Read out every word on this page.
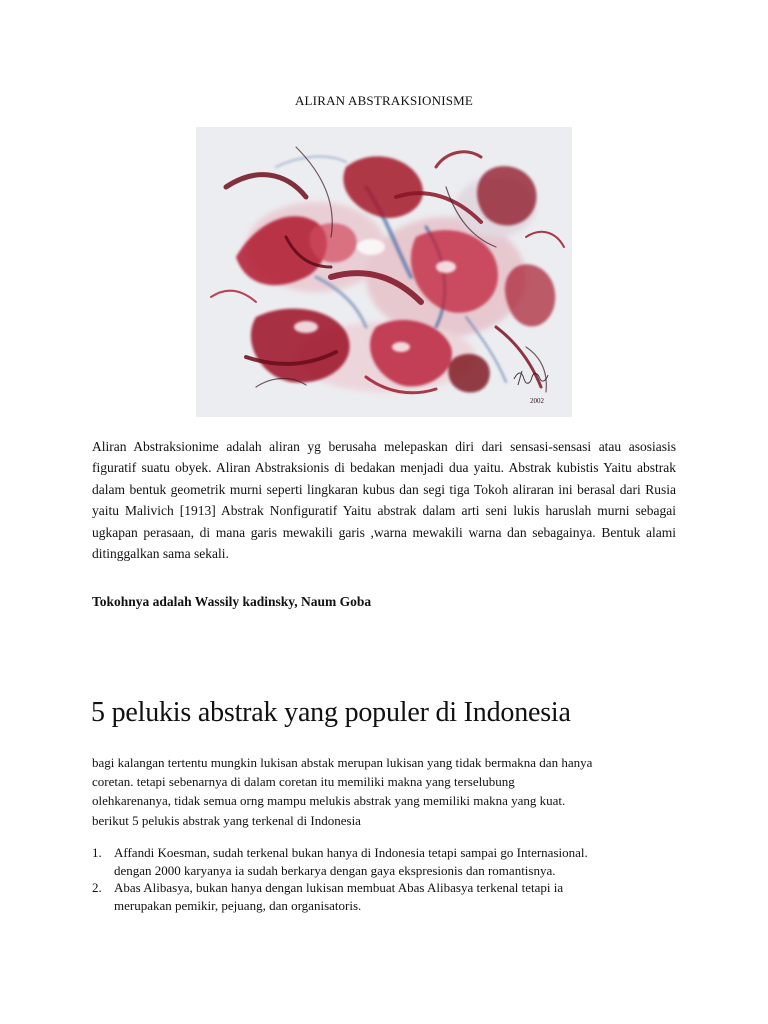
ALIRAN ABSTRAKSIONISME
2002

Aliran Abstraksionime adalah aliran yg berusaha melepaskan diri dari sensasi-sensasi atau asosiasis figuratif suatu obyek. Aliran Abstraksionis di bedakan menjadi dua yaitu. Abstrak kubistis Yaitu abstrak dalam bentuk geometrik murni seperti lingkaran kubus dan segi tiga Tokoh aliraran ini berasal dari Rusia yaitu Malivich [1913] Abstrak Nonfiguratif Yaitu abstrak dalam arti seni lukis haruslah murni sebagai ugkapan perasaan, di mana garis mewakili garis ,warna mewakili warna dan sebagainya. Bentuk alami ditinggalkan sama sekali.

Tokohnya adalah Wassily kadinsky, Naum Goba

5 pelukis abstrak yang populer di Indonesia

bagi kalangan tertentu mungkin lukisan abstak merupan lukisan yang tidak bermakna dan hanya
coretan. tetapi sebenarnya di dalam coretan itu memiliki makna yang terselubung
olehkarenanya, tidak semua orng mampu melukis abstrak yang memiliki makna yang kuat.
berikut 5 pelukis abstrak yang terkenal di Indonesia

1. Affandi Koesman, sudah terkenal bukan hanya di Indonesia tetapi sampai go Internasional.
dengan 2000 karyanya ia sudah berkarya dengan gaya ekspresionis dan romantisnya.
2. Abas Alibasya, bukan hanya dengan lukisan membuat Abas Alibasya terkenal tetapi ia
merupakan pemikir, pejuang, dan organisatoris.
